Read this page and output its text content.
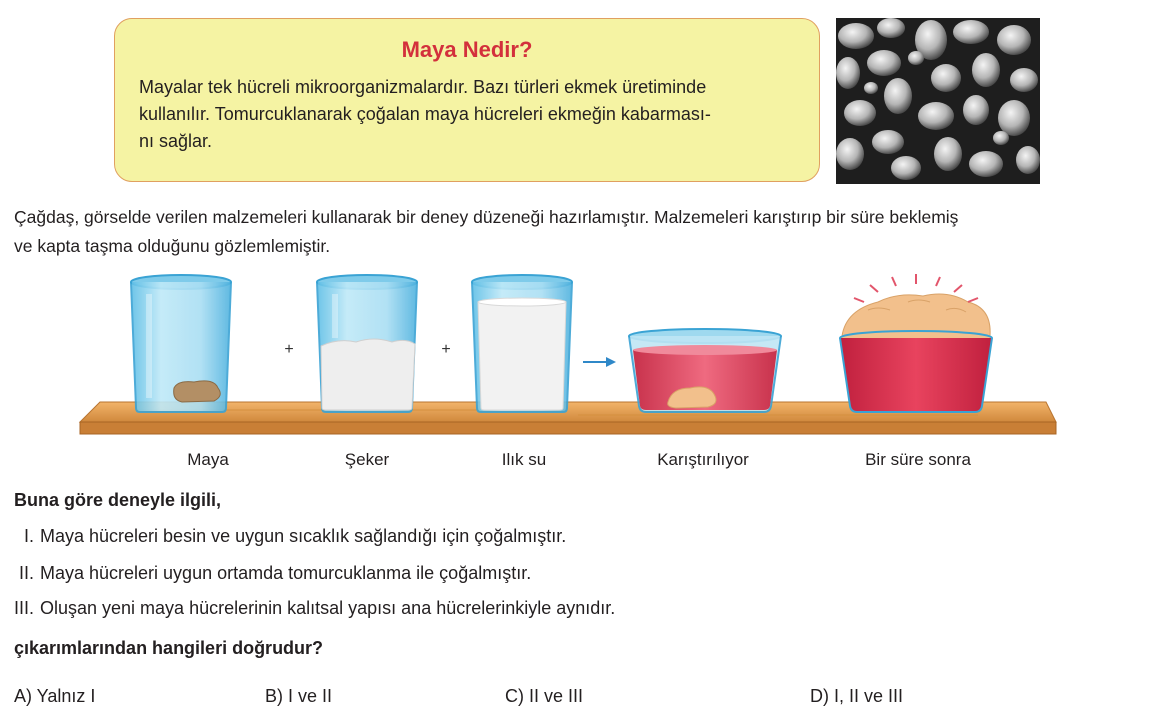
Maya Nedir?
Mayalar tek hücreli mikroorganizmalardır. Bazı türleri ekmek üretiminde
kullanılır. Tomurcuklanarak çoğalan maya hücreleri ekmeğin kabarması-
nı sağlar.
Çağdaş, görselde verilen malzemeleri kullanarak bir deney düzeneği hazırlamıştır. Malzemeleri karıştırıp bir süre beklemiş
ve kapta taşma olduğunu gözlemlemiştir.
+	+
Maya	Şeker	Ilık su	Karıştırılıyor	Bir süre sonra
Buna göre deneyle ilgili,
I. Maya hücreleri besin ve uygun sıcaklık sağlandığı için çoğalmıştır.
II. Maya hücreleri uygun ortamda tomurcuklanma ile çoğalmıştır.
III. Oluşan yeni maya hücrelerinin kalıtsal yapısı ana hücrelerinkiyle aynıdır.
çıkarımlarından hangileri doğrudur?
A) Yalnız I	B) I ve II	C) II ve III	D) I, II ve III
